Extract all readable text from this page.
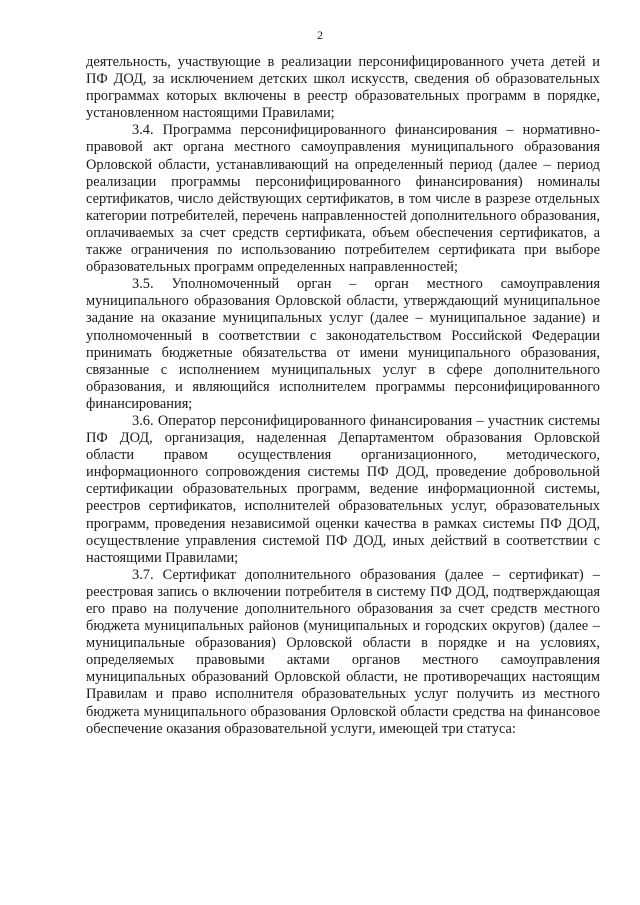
2

деятельность, участвующие в реализации персонифицированного учета детей и ПФ ДОД, за исключением детских школ искусств, сведения об образовательных программах которых включены в реестр образовательных программ в порядке, установленном настоящими Правилами;

3.4. Программа персонифицированного финансирования – нормативно-правовой акт органа местного самоуправления муниципального образования Орловской области, устанавливающий на определенный период (далее – период реализации программы персонифицированного финансирования) номиналы сертификатов, число действующих сертификатов, в том числе в разрезе отдельных категории потребителей, перечень направленностей дополнительного образования, оплачиваемых за счет средств сертификата, объем обеспечения сертификатов, а также ограничения по использованию потребителем сертификата при выборе образовательных программ определенных направленностей;

3.5. Уполномоченный орган – орган местного самоуправления муниципального образования Орловской области, утверждающий муниципальное задание на оказание муниципальных услуг (далее – муниципальное задание) и уполномоченный в соответствии с законодательством Российской Федерации принимать бюджетные обязательства от имени муниципального образования, связанные с исполнением муниципальных услуг в сфере дополнительного образования, и являющийся исполнителем программы персонифицированного финансирования;

3.6. Оператор персонифицированного финансирования – участник системы ПФ ДОД, организация, наделенная Департаментом образования Орловской области правом осуществления организационного, методического, информационного сопровождения системы ПФ ДОД, проведение добровольной сертификации образовательных программ, ведение информационной системы, реестров сертификатов, исполнителей образовательных услуг, образовательных программ, проведения независимой оценки качества в рамках системы ПФ ДОД, осуществление управления системой ПФ ДОД, иных действий в соответствии с настоящими Правилами;

3.7. Сертификат дополнительного образования (далее – сертификат) – реестровая запись о включении потребителя в систему ПФ ДОД, подтверждающая его право на получение дополнительного образования за счет средств местного бюджета муниципальных районов (муниципальных и городских округов) (далее – муниципальные образования) Орловской области в порядке и на условиях, определяемых правовыми актами органов местного самоуправления муниципальных образований Орловской области, не противоречащих настоящим Правилам и право исполнителя образовательных услуг получить из местного бюджета муниципального образования Орловской области средства на финансовое обеспечение оказания образовательной услуги, имеющей три статуса:
